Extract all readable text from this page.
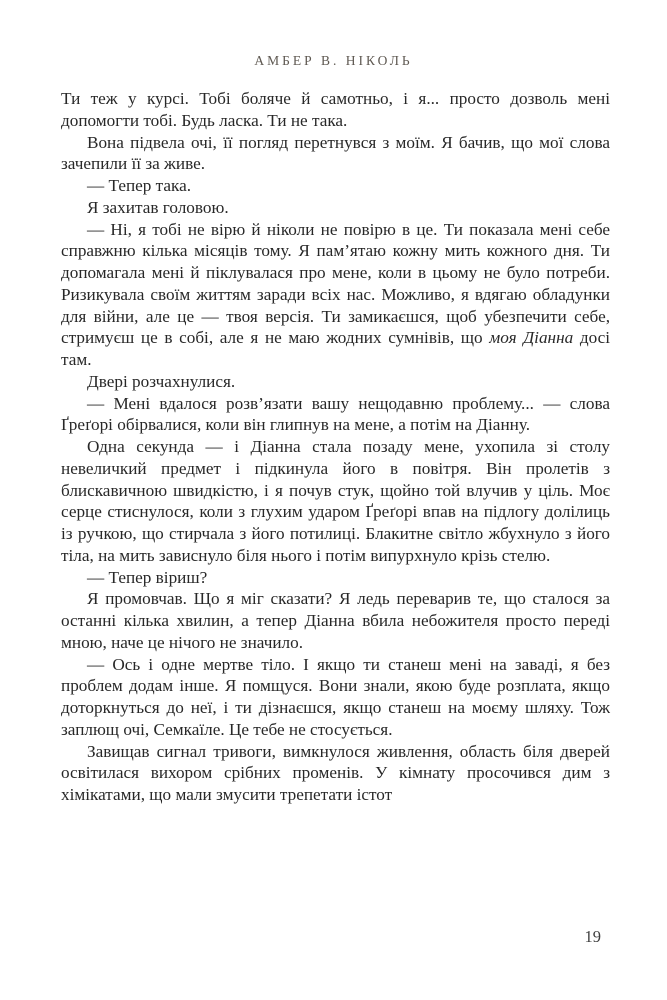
АМБЕР В. НІКОЛЬ

Ти теж у курсі. Тобі боляче й самотньо, і я... просто дозволь мені допомогти тобі. Будь ласка. Ти не така.

Вона підвела очі, її погляд перетнувся з моїм. Я бачив, що мої слова зачепили її за живе.

— Тепер така.

Я захитав головою.

— Ні, я тобі не вірю й ніколи не повірю в це. Ти показала мені себе справжню кілька місяців тому. Я пам’ятаю кожну мить кожного дня. Ти допомагала мені й піклувалася про мене, коли в цьому не було потреби. Ризикувала своїм життям заради всіх нас. Можливо, я вдягаю обладунки для війни, але це — твоя версія. Ти замикаєшся, щоб убезпечити себе, стримуєш це в собі, але я не маю жодних сумнівів, що моя Діанна досі там.

Двері розчахнулися.

— Мені вдалося розв’язати вашу нещодавню проблему... — слова Ґреґорі обірвалися, коли він глипнув на мене, а потім на Діанну.

Одна секунда — і Діанна стала позаду мене, ухопила зі столу невеличкий предмет і підкинула його в повітря. Він пролетів з блискавичною швидкістю, і я почув стук, щойно той влучив у ціль. Моє серце стиснулося, коли з глухим ударом Ґреґорі впав на підлогу долілиць із ручкою, що стирчала з його потилиці. Блакитне світло жбухнуло з його тіла, на мить зависнуло біля нього і потім випурхнуло крізь стелю.

— Тепер віриш?

Я промовчав. Що я міг сказати? Я ледь переварив те, що сталося за останні кілька хвилин, а тепер Діанна вбила небожителя просто переді мною, наче це нічого не значило.

— Ось і одне мертве тіло. І якщо ти станеш мені на заваді, я без проблем додам інше. Я помщуся. Вони знали, якою буде розплата, якщо доторкнуться до неї, і ти дізнаєшся, якщо станеш на моєму шляху. Тож заплющ очі, Семкаїле. Це тебе не стосується.

Завищав сигнал тривоги, вимкнулося живлення, область біля дверей освітилася вихором срібних променів. У кімнату просочився дим з хімікатами, що мали змусити трепетати істот

19
